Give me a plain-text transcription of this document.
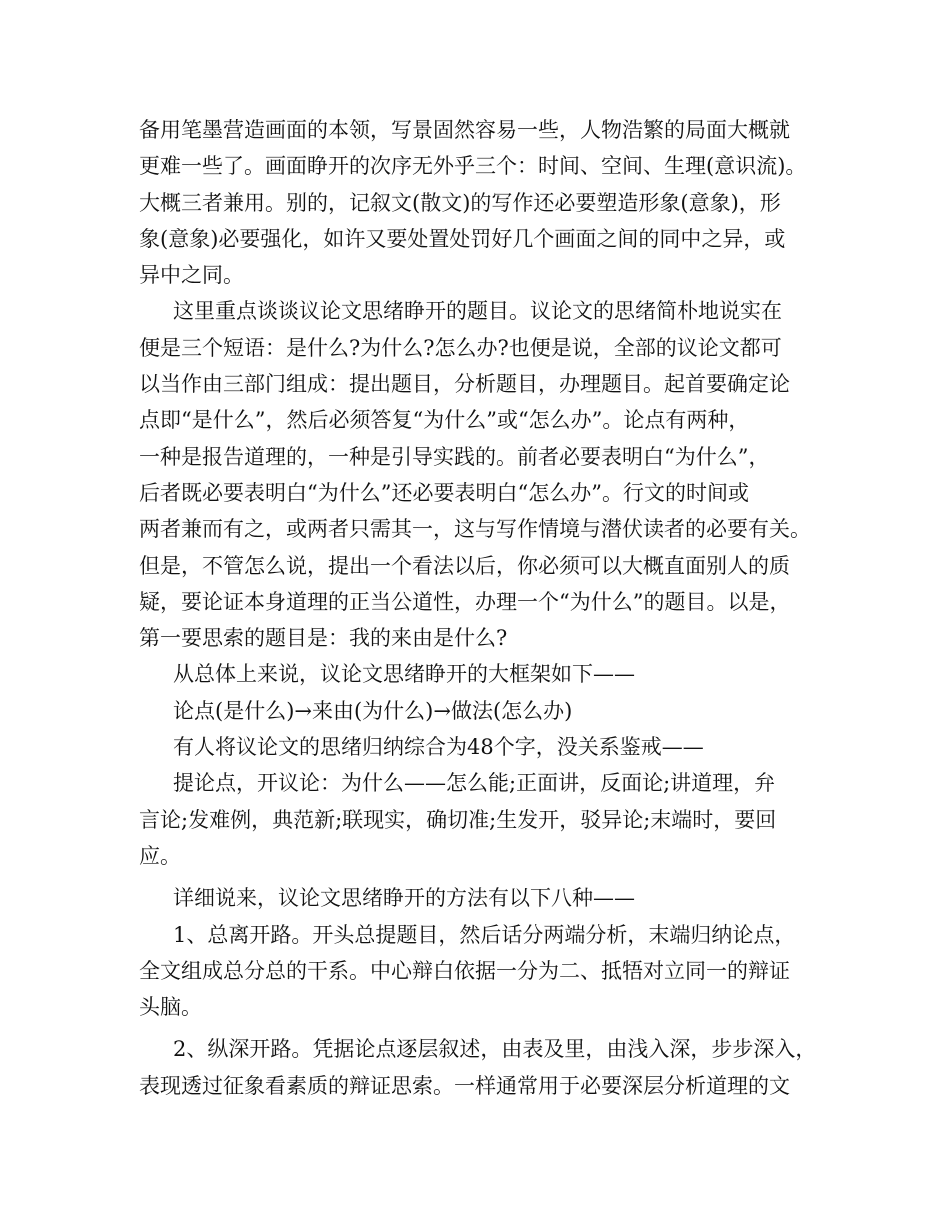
备用笔墨营造画面的本领，写景固然容易一些，人物浩繁的局面大概就
更难一些了。画面睁开的次序无外乎三个：时间、空间、生理(意识流)。
大概三者兼用。别的，记叙文(散文)的写作还必要塑造形象(意象)，形
象(意象)必要强化，如许又要处置处罚好几个画面之间的同中之异，或
异中之同。
这里重点谈谈议论文思绪睁开的题目。议论文的思绪简朴地说实在
便是三个短语：是什么?为什么?怎么办?也便是说，全部的议论文都可
以当作由三部门组成：提出题目，分析题目，办理题目。起首要确定论
点即“是什么”，然后必须答复“为什么”或“怎么办”。论点有两种，
一种是报告道理的，一种是引导实践的。前者必要表明白“为什么”，
后者既必要表明白“为什么”还必要表明白“怎么办”。行文的时间或
两者兼而有之，或两者只需其一，这与写作情境与潜伏读者的必要有关。
但是，不管怎么说，提出一个看法以后，你必须可以大概直面别人的质
疑，要论证本身道理的正当公道性，办理一个“为什么”的题目。以是，
第一要思索的题目是：我的来由是什么?
从总体上来说，议论文思绪睁开的大框架如下——
论点(是什么)→来由(为什么)→做法(怎么办)
有人将议论文的思绪归纳综合为48个字，没关系鉴戒——
提论点，开议论：为什么——怎么能;正面讲，反面论;讲道理，弁
言论;发难例，典范新;联现实，确切准;生发开，驳异论;末端时，要回
应。
详细说来，议论文思绪睁开的方法有以下八种——
1、总离开路。开头总提题目，然后话分两端分析，末端归纳论点，
全文组成总分总的干系。中心辩白依据一分为二、抵牾对立同一的辩证
头脑。
2、纵深开路。凭据论点逐层叙述，由表及里，由浅入深，步步深入，
表现透过征象看素质的辩证思索。一样通常用于必要深层分析道理的文
